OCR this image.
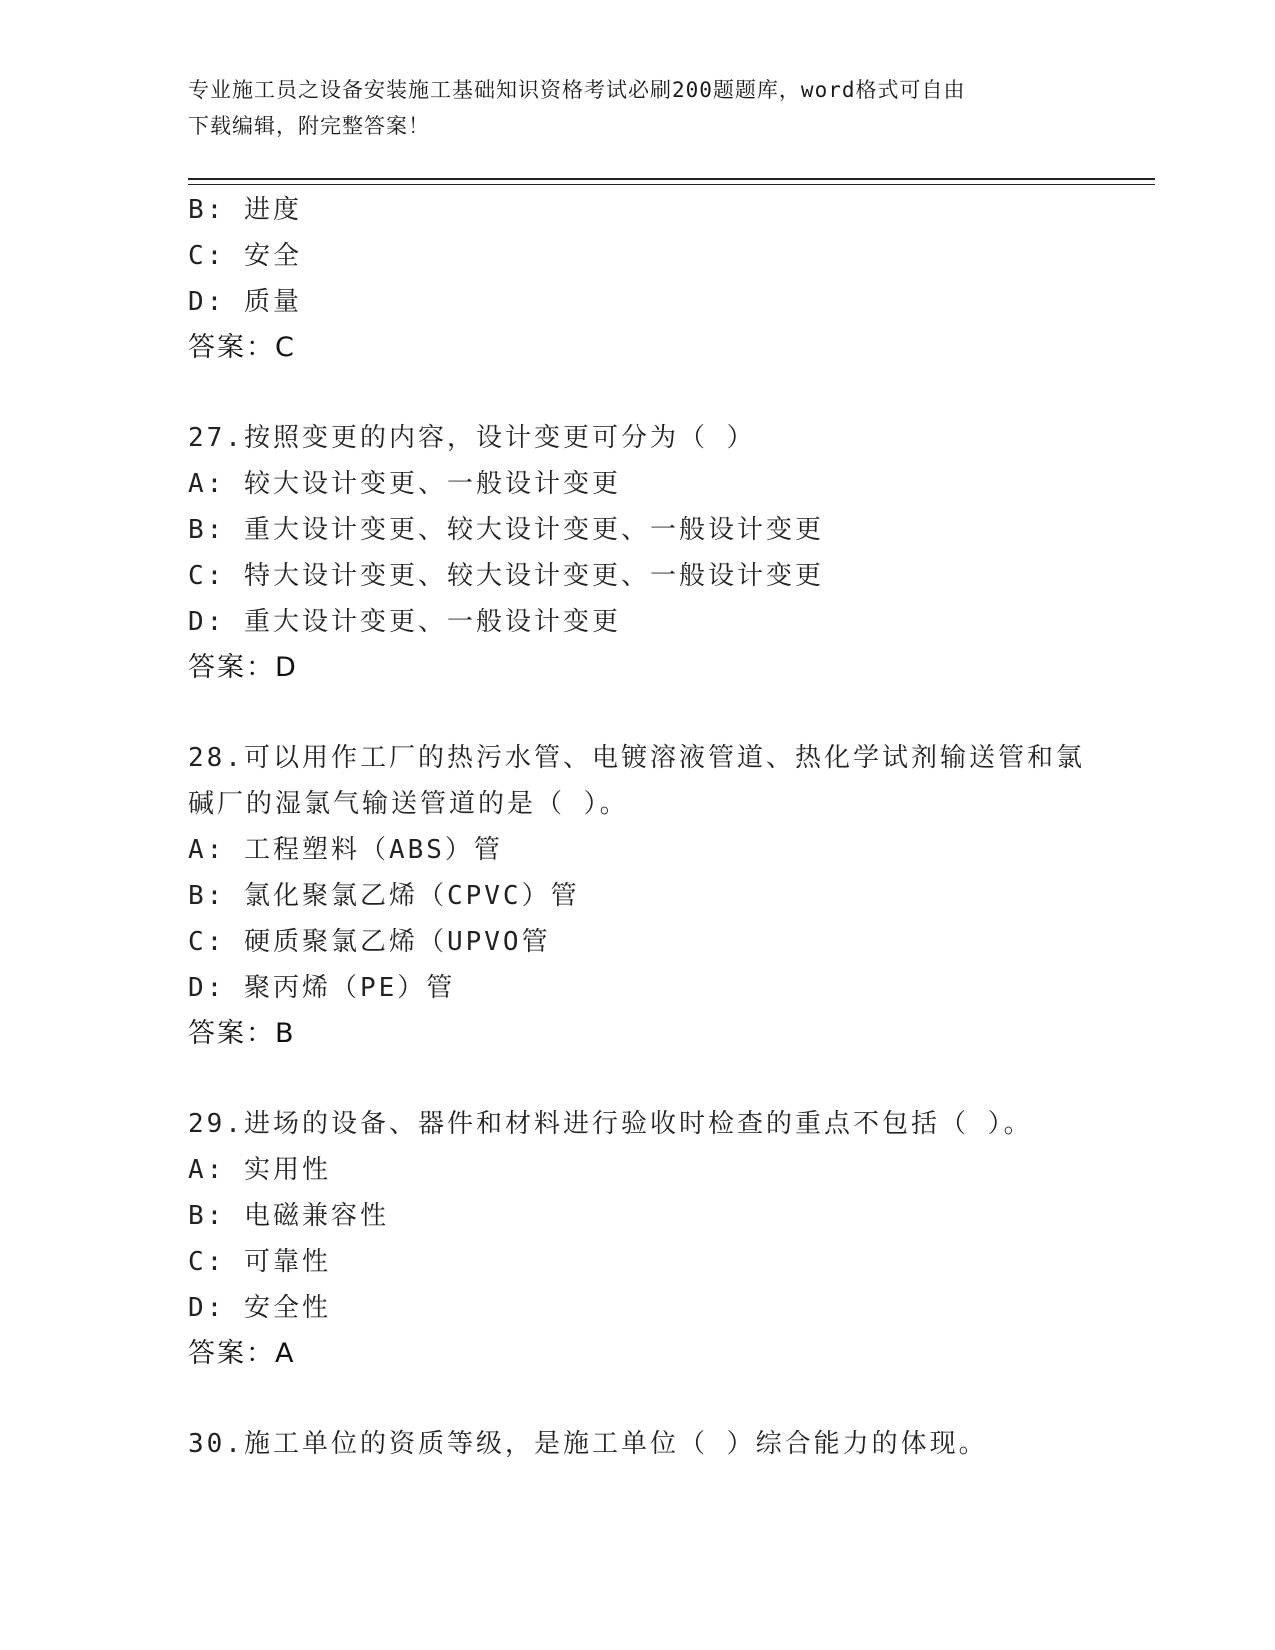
专业施工员之设备安装施工基础知识资格考试必刷200题题库，word格式可自由
下载编辑，附完整答案！
B: 进度
C: 安全
D: 质量
答案：C
27.按照变更的内容，设计变更可分为（ ）
A: 较大设计变更、一般设计变更
B: 重大设计变更、较大设计变更、一般设计变更
C: 特大设计变更、较大设计变更、一般设计变更
D: 重大设计变更、一般设计变更
答案：D
28.可以用作工厂的热污水管、电镀溶液管道、热化学试剂输送管和氯
碱厂的湿氯气输送管道的是（ ）。
A: 工程塑料（ABS）管
B: 氯化聚氯乙烯（CPVC）管
C: 硬质聚氯乙烯（UPVO管
D: 聚丙烯（PE）管
答案：B
29.进场的设备、器件和材料进行验收时检查的重点不包括（ ）。
A: 实用性
B: 电磁兼容性
C: 可靠性
D: 安全性
答案：A
30.施工单位的资质等级，是施工单位（ ）综合能力的体现。
